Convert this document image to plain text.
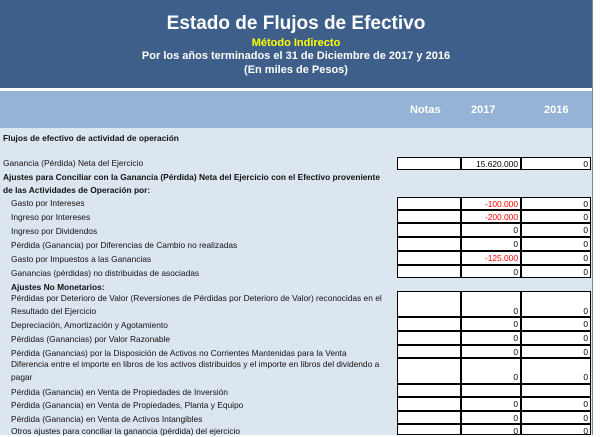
Estado de Flujos de Efectivo
Método Indirecto
Por los años terminados el 31 de Diciembre de 2017 y 2016
(En miles de Pesos)
Notas	2017	2016
Flujos de efectivo de actividad de operación
Ganancia (Pérdida) Neta del Ejercicio	15.620.000	0
Ajustes para Conciliar con la Ganancia (Pérdida) Neta del Ejercicio con el Efectivo proveniente de las Actividades de Operación por:
Gasto por Intereses	-100.000	0
Ingreso por Intereses	-200.000	0
Ingreso por Dividendos	0	0
Pérdida (Ganancia) por Diferencias de Cambio no realizadas	0	0
Gasto por Impuestos a las Ganancias	-125.000	0
Ganancias (pérdidas) no distribuidas de asociadas	0	0
Ajustes No Monetarios:
Pérdidas por Deterioro de Valor (Reversiones de Pérdidas por Deterioro de Valor) reconocidas en el Resultado del Ejercicio	0	0
Depreciación, Amortización y Agotamiento	0	0
Pérdidas (Ganancias) por Valor Razonable	0	0
Pérdida (Ganancias) por la Disposición de Activos no Corrientes Mantenidas para la Venta	0	0
Diferencia entre el importe en libros de los activos distribuidos y el importe en libros del dividendo a pagar	0	0
Pérdida (Ganancia) en Venta de Propiedades de Inversión
Pérdida (Ganancia) en Venta de Propiedades, Planta y Equipo	0	0
Pérdida (Ganancia) en Venta de Activos Intangibles	0	0
Otros ajustes para conciliar la ganancia (pérdida) del ejercicio	0	0
